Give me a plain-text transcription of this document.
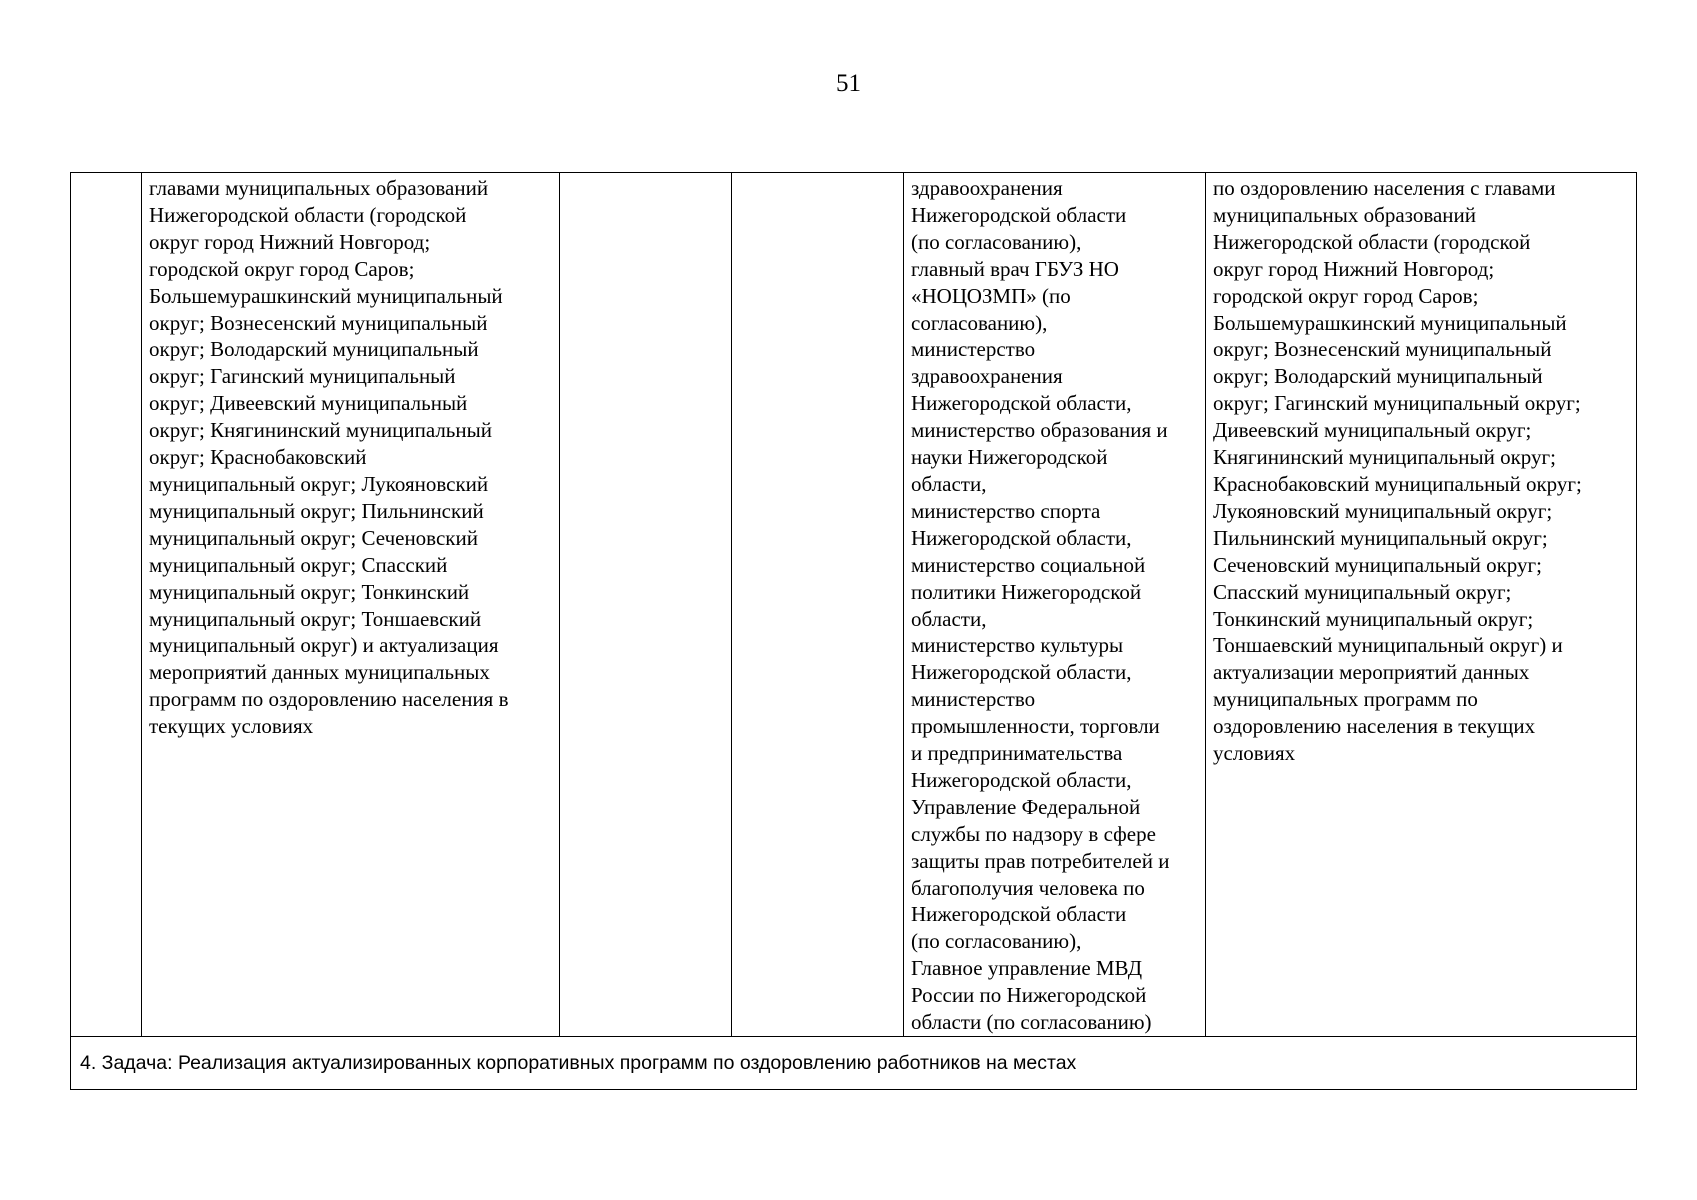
51
	главами муниципальных образований
Нижегородской области (городской
округ город Нижний Новгород;
городской округ город Саров;
Большемурашкинский муниципальный
округ; Вознесенский муниципальный
округ; Володарский муниципальный
округ; Гагинский муниципальный
округ; Дивеевский муниципальный
округ; Княгининский муниципальный
округ; Краснобаковский
муниципальный округ; Лукояновский
муниципальный округ; Пильнинский
муниципальный округ; Сеченовский
муниципальный округ; Спасский
муниципальный округ; Тонкинский
муниципальный округ; Тоншаевский
муниципальный округ) и актуализация
мероприятий данных муниципальных
программ по оздоровлению населения в
текущих условиях			здравоохранения
Нижегородской области
(по согласованию),
главный врач ГБУЗ НО
«НОЦОЗМП» (по
согласованию),
министерство
здравоохранения
Нижегородской области,
министерство образования и
науки Нижегородской
области,
министерство спорта
Нижегородской области,
министерство социальной
политики Нижегородской
области,
министерство культуры
Нижегородской области,
министерство
промышленности, торговли
и предпринимательства
Нижегородской области,
Управление Федеральной
службы по надзору в сфере
защиты прав потребителей и
благополучия человека по
Нижегородской области
(по согласованию),
Главное управление МВД
России по Нижегородской
области (по согласованию)	по оздоровлению населения с главами
муниципальных образований
Нижегородской области (городской
округ город Нижний Новгород;
городской округ город Саров;
Большемурашкинский муниципальный
округ; Вознесенский муниципальный
округ; Володарский муниципальный
округ; Гагинский муниципальный округ;
Дивеевский муниципальный округ;
Княгининский муниципальный округ;
Краснобаковский муниципальный округ;
Лукояновский муниципальный округ;
Пильнинский муниципальный округ;
Сеченовский муниципальный округ;
Спасский муниципальный округ;
Тонкинский муниципальный округ;
Тоншаевский муниципальный округ) и
актуализации мероприятий данных
муниципальных программ по
оздоровлению населения в текущих
условиях
4. Задача: Реализация актуализированных корпоративных программ по оздоровлению работников на местах
